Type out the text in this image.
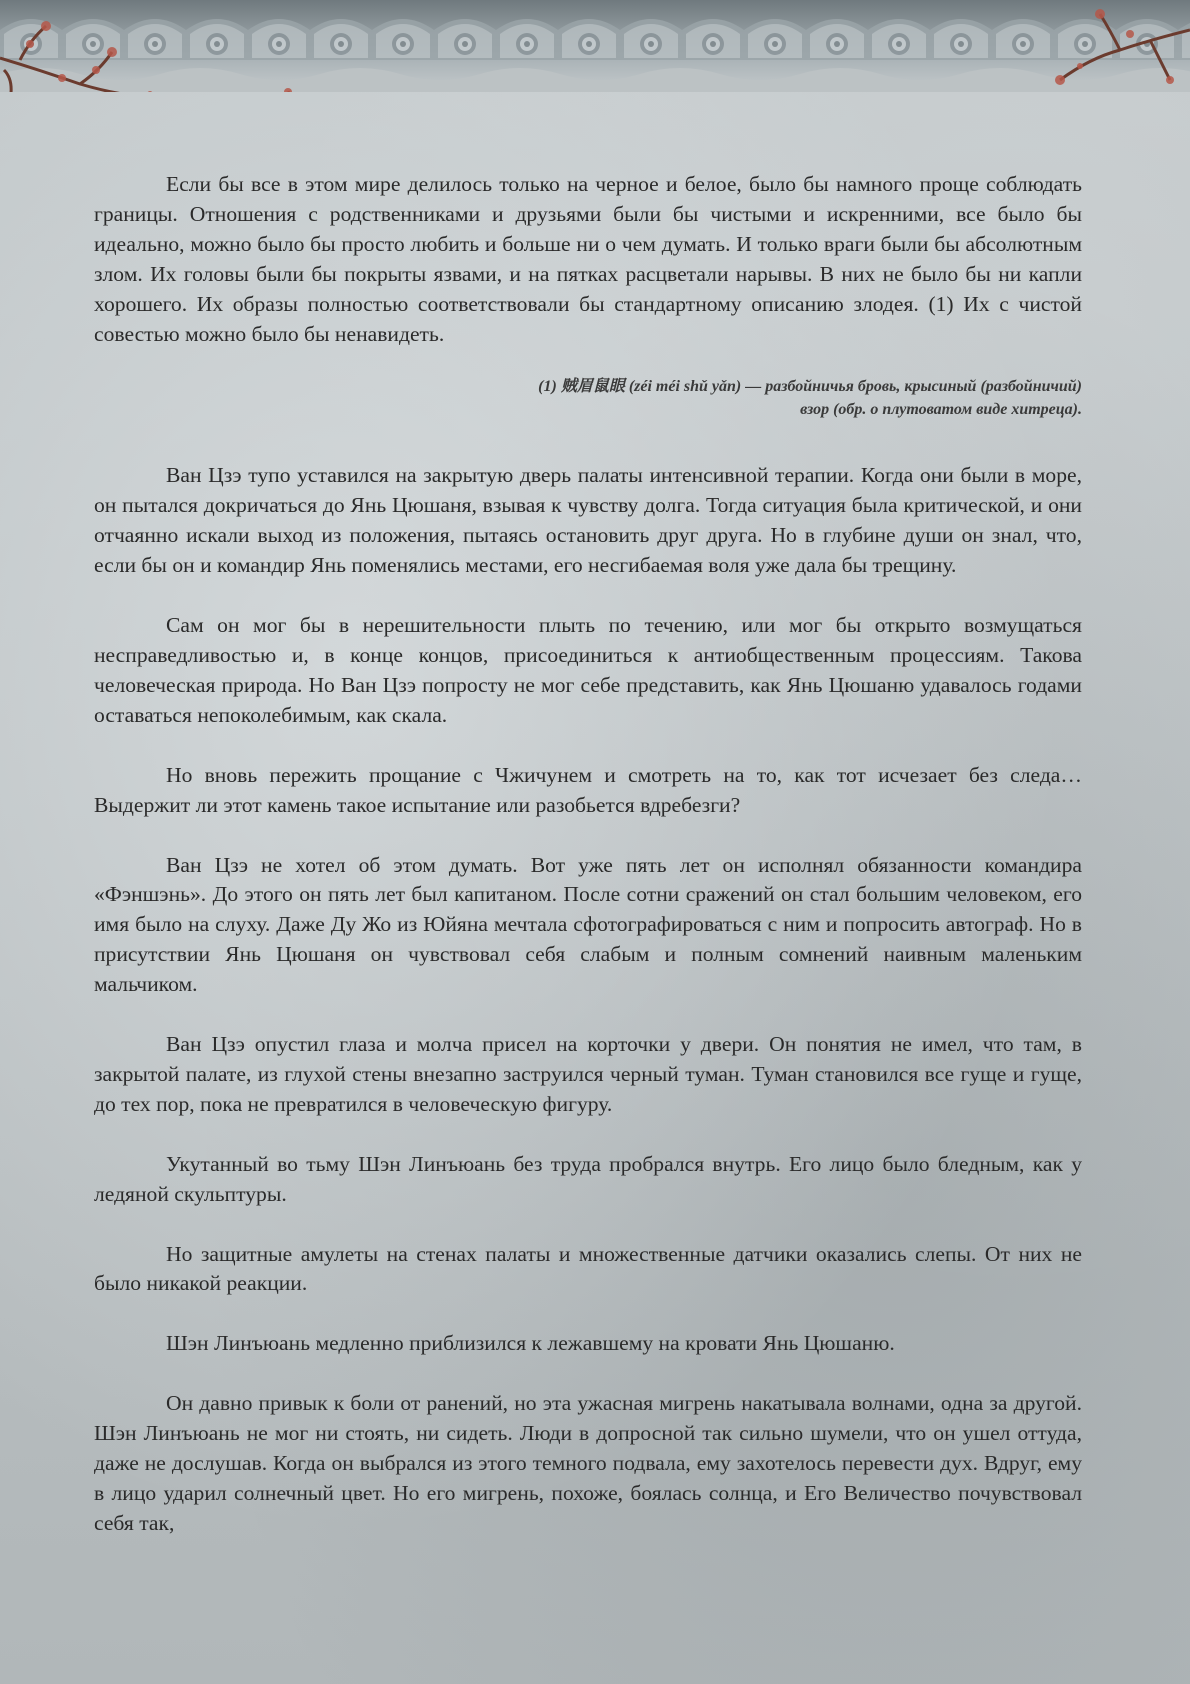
Если бы все в этом мире делилось только на черное и белое, было бы намного проще соблюдать границы. Отношения с родственниками и друзьями были бы чистыми и искренними, все было бы идеально, можно было бы просто любить и больше ни о чем думать. И только враги были бы абсолютным злом. Их головы были бы покрыты язвами, и на пятках расцветали нарывы. В них не было бы ни капли хорошего. Их образы полностью соответствовали бы стандартному описанию злодея. (1) Их с чистой совестью можно было бы ненавидеть.

(1) 贼眉鼠眼 (zéi méi shǔ yǎn) — разбойничья бровь, крысиный (разбойничий)
взор (обр. о плутоватом виде хитреца).

Ван Цзэ тупо уставился на закрытую дверь палаты интенсивной терапии. Когда они были в море, он пытался докричаться до Янь Цюшаня, взывая к чувству долга. Тогда ситуация была критической, и они отчаянно искали выход из положения, пытаясь остановить друг друга. Но в глубине души он знал, что, если бы он и командир Янь поменялись местами, его несгибаемая воля уже дала бы трещину.

Сам он мог бы в нерешительности плыть по течению, или мог бы открыто возмущаться несправедливостью и, в конце концов, присоединиться к антиобщественным процессиям. Такова человеческая природа. Но Ван Цзэ попросту не мог себе представить, как Янь Цюшаню удавалось годами оставаться непоколебимым, как скала.

Но вновь пережить прощание с Чжичунем и смотреть на то, как тот исчезает без следа… Выдержит ли этот камень такое испытание или разобьется вдребезги?

Ван Цзэ не хотел об этом думать. Вот уже пять лет он исполнял обязанности командира «Фэншэнь». До этого он пять лет был капитаном. После сотни сражений он стал большим человеком, его имя было на слуху. Даже Ду Жо из Юйяна мечтала сфотографироваться с ним и попросить автограф. Но в присутствии Янь Цюшаня он чувствовал себя слабым и полным сомнений наивным маленьким мальчиком.

Ван Цзэ опустил глаза и молча присел на корточки у двери. Он понятия не имел, что там, в закрытой палате, из глухой стены внезапно заструился черный туман. Туман становился все гуще и гуще, до тех пор, пока не превратился в человеческую фигуру.

Укутанный во тьму Шэн Линъюань без труда пробрался внутрь. Его лицо было бледным, как у ледяной скульптуры.

Но защитные амулеты на стенах палаты и множественные датчики оказались слепы. От них не было никакой реакции.

Шэн Линъюань медленно приблизился к лежавшему на кровати Янь Цюшаню.

Он давно привык к боли от ранений, но эта ужасная мигрень накатывала волнами, одна за другой. Шэн Линъюань не мог ни стоять, ни сидеть. Люди в допросной так сильно шумели, что он ушел оттуда, даже не дослушав. Когда он выбрался из этого темного подвала, ему захотелось перевести дух. Вдруг, ему в лицо ударил солнечный цвет. Но его мигрень, похоже, боялась солнца, и Его Величество почувствовал себя так,
